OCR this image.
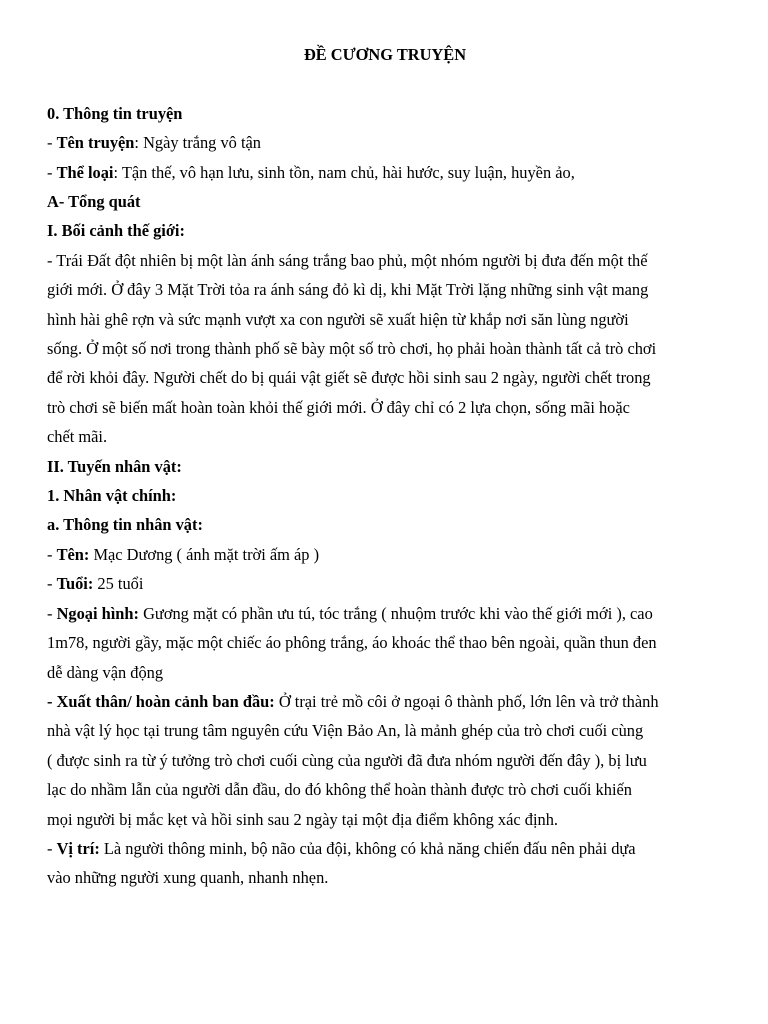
ĐỀ CƯƠNG TRUYỆN

0. Thông tin truyện

- Tên truyện: Ngày trắng vô tận

- Thể loại: Tận thế, vô hạn lưu, sinh tồn, nam chủ, hài hước, suy luận, huyền ảo,

A- Tổng quát

I. Bối cảnh thế giới:

- Trái Đất đột nhiên bị một làn ánh sáng trắng bao phủ, một nhóm người bị đưa đến một thế

giới mới. Ở đây 3 Mặt Trời tỏa ra ánh sáng đỏ kì dị, khi Mặt Trời lặng những sinh vật mang

hình hài ghê rợn và sức mạnh vượt xa con người sẽ xuất hiện từ khắp nơi săn lùng người

sống. Ở một số nơi trong thành phố sẽ bày một số trò chơi, họ phải hoàn thành tất cả trò chơi

để rời khỏi đây. Người chết do bị quái vật giết sẽ được hồi sinh sau 2 ngày, người chết trong

trò chơi sẽ biến mất hoàn toàn khỏi thế giới mới. Ở đây chỉ có 2 lựa chọn, sống mãi hoặc

chết mãi.

II. Tuyến nhân vật:

1. Nhân vật chính:

a. Thông tin nhân vật:

- Tên: Mạc Dương ( ánh mặt trời ấm áp )

- Tuổi: 25 tuổi

- Ngoại hình: Gương mặt có phần ưu tú, tóc trắng ( nhuộm trước khi vào thế giới mới ), cao

1m78, người gầy, mặc một chiếc áo phông trắng, áo khoác thể thao bên ngoài, quần thun đen

dễ dàng vận động

- Xuất thân/ hoàn cảnh ban đầu: Ở trại trẻ mồ côi ở ngoại ô thành phố, lớn lên và trở thành

nhà vật lý học tại trung tâm nguyên cứu Viện Bảo An, là mảnh ghép của trò chơi cuối cùng

( được sinh ra từ ý tưởng trò chơi cuối cùng của người đã đưa nhóm người đến đây ), bị lưu

lạc do nhầm lẫn của người dẫn đầu, do đó không thể hoàn thành được trò chơi cuối khiến

mọi người bị mắc kẹt và hồi sinh sau 2 ngày tại một địa điểm không xác định.

- Vị trí: Là người thông minh, bộ não của đội, không có khả năng chiến đấu nên phải dựa

vào những người xung quanh, nhanh nhẹn.
